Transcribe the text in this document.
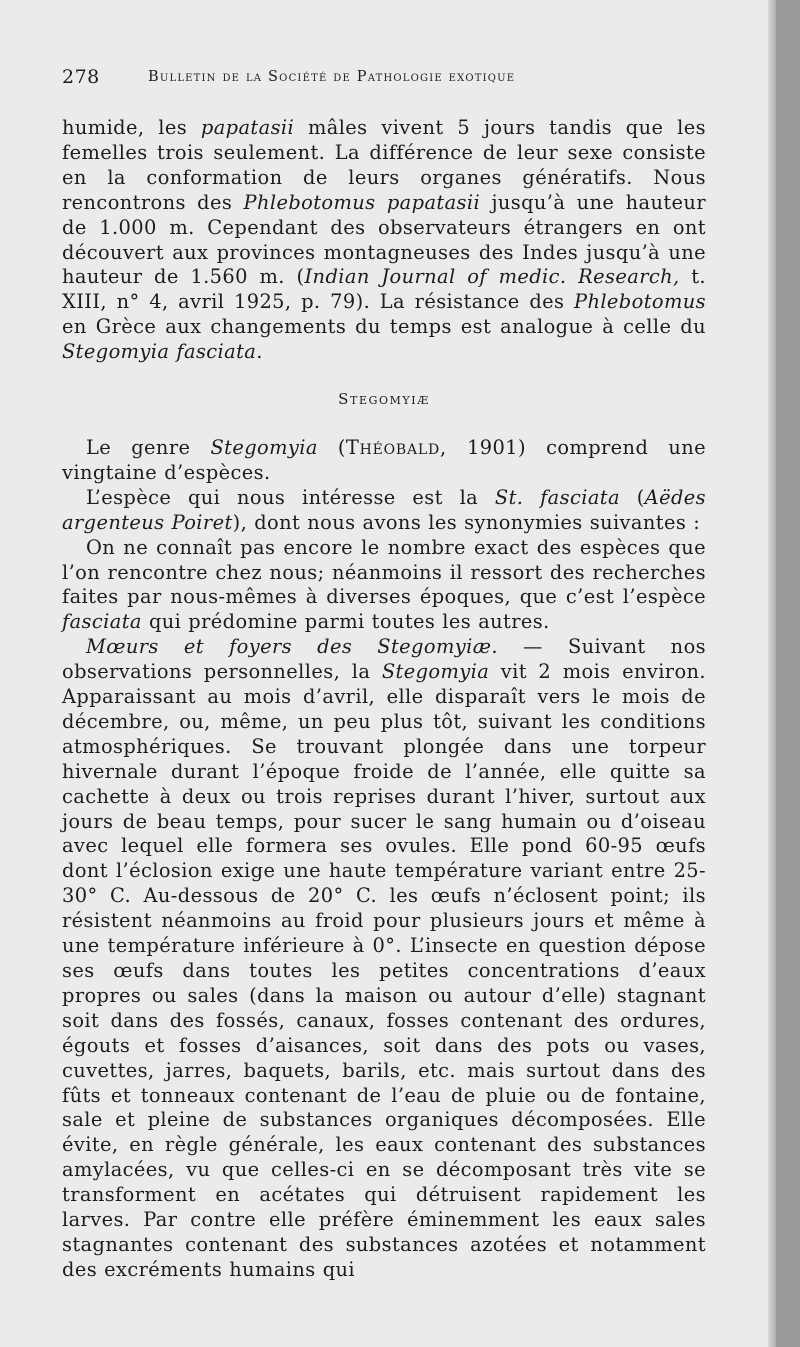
278	Bulletin de la Société de Pathologie exotique

humide, les papatasii mâles vivent 5 jours tandis que les femelles trois seulement. La différence de leur sexe consiste en la conformation de leurs organes génératifs. Nous rencontrons des Phlebotomus papatasii jusqu’à une hauteur de 1.000 m. Cependant des observateurs étrangers en ont découvert aux provinces montagneuses des Indes jusqu’à une hauteur de 1.560 m. (Indian Journal of medic. Research, t. XIII, n° 4, avril 1925, p. 79). La résistance des Phlebotomus en Grèce aux changements du temps est analogue à celle du Stegomyia fasciata.

Stegomyiæ

Le genre Stegomyia (Théobald, 1901) comprend une vingtaine d’espèces.

L’espèce qui nous intéresse est la St. fasciata (Aëdes argenteus Poiret), dont nous avons les synonymies suivantes :

On ne connaît pas encore le nombre exact des espèces que l’on rencontre chez nous; néanmoins il ressort des recherches faites par nous-mêmes à diverses époques, que c’est l’espèce fasciata qui prédomine parmi toutes les autres.

Mœurs et foyers des Stegomyiæ. — Suivant nos observations personnelles, la Stegomyia vit 2 mois environ. Apparaissant au mois d’avril, elle disparaît vers le mois de décembre, ou, même, un peu plus tôt, suivant les conditions atmosphériques. Se trouvant plongée dans une torpeur hivernale durant l’époque froide de l’année, elle quitte sa cachette à deux ou trois reprises durant l’hiver, surtout aux jours de beau temps, pour sucer le sang humain ou d’oiseau avec lequel elle formera ses ovules. Elle pond 60-95 œufs dont l’éclosion exige une haute température variant entre 25-30° C. Au-dessous de 20° C. les œufs n’éclosent point; ils résistent néanmoins au froid pour plusieurs jours et même à une température inférieure à 0°. L’insecte en question dépose ses œufs dans toutes les petites concentrations d’eaux propres ou sales (dans la maison ou autour d’elle) stagnant soit dans des fossés, canaux, fosses contenant des ordures, égouts et fosses d’aisances, soit dans des pots ou vases, cuvettes, jarres, baquets, barils, etc. mais surtout dans des fûts et tonneaux contenant de l’eau de pluie ou de fontaine, sale et pleine de substances organiques décomposées. Elle évite, en règle générale, les eaux contenant des substances amylacées, vu que celles-ci en se décomposant très vite se transforment en acétates qui détruisent rapidement les larves. Par contre elle préfère éminemment les eaux sales stagnantes contenant des substances azotées et notamment des excréments humains qui
